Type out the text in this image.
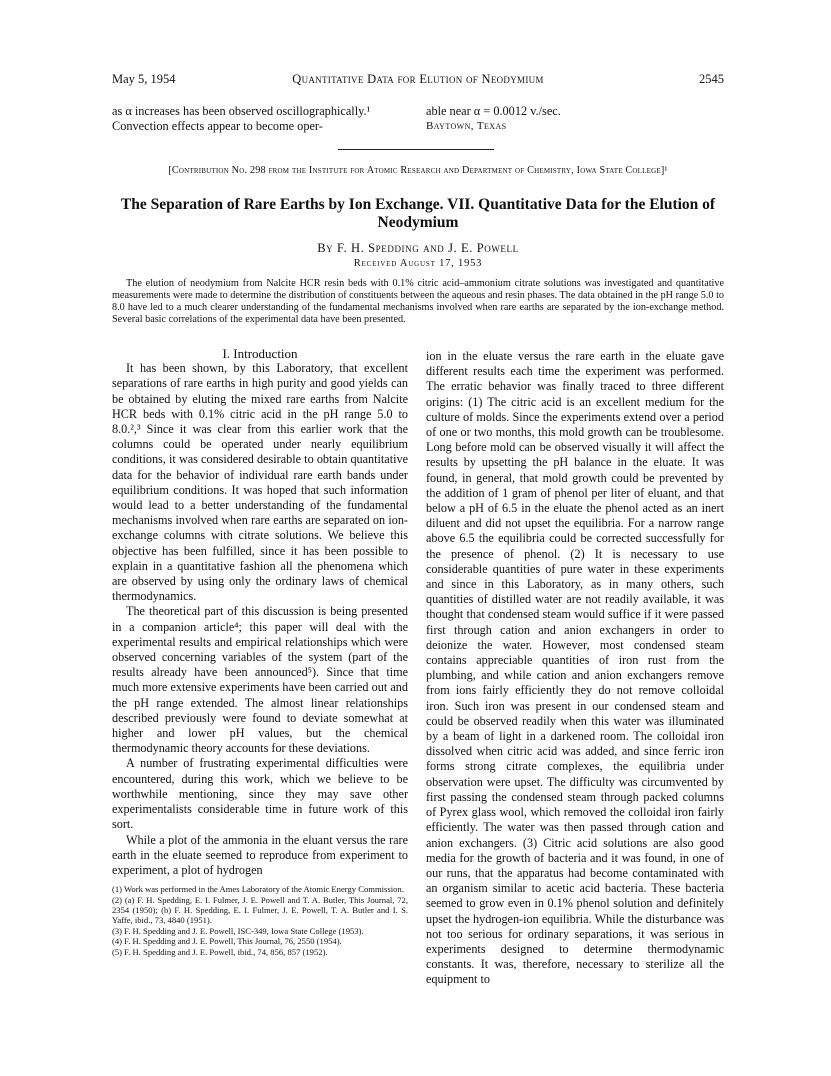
May 5, 1954	Quantitative Data for Elution of Neodymium	2545
as α increases has been observed oscillographically.¹ Convection effects appear to become oper-
able near α = 0.0012 v./sec.
Baytown, Texas
[Contribution No. 298 from the Institute for Atomic Research and Department of Chemistry, Iowa State College]¹
The Separation of Rare Earths by Ion Exchange. VII. Quantitative Data for the Elution of Neodymium
By F. H. Spedding and J. E. Powell
Received August 17, 1953
The elution of neodymium from Nalcite HCR resin beds with 0.1% citric acid–ammonium citrate solutions was investigated and quantitative measurements were made to determine the distribution of constituents between the aqueous and resin phases. The data obtained in the pH range 5.0 to 8.0 have led to a much clearer understanding of the fundamental mechanisms involved when rare earths are separated by the ion-exchange method. Several basic correlations of the experimental data have been presented.

I. Introduction

It has been shown, by this Laboratory, that excellent separations of rare earths in high purity and good yields can be obtained by eluting the mixed rare earths from Nalcite HCR beds with 0.1% citric acid in the pH range 5.0 to 8.0.²,³ Since it was clear from this earlier work that the columns could be operated under nearly equilibrium conditions, it was considered desirable to obtain quantitative data for the behavior of individual rare earth bands under equilibrium conditions. It was hoped that such information would lead to a better understanding of the fundamental mechanisms involved when rare earths are separated on ion-exchange columns with citrate solutions. We believe this objective has been fulfilled, since it has been possible to explain in a quantitative fashion all the phenomena which are observed by using only the ordinary laws of chemical thermodynamics.

The theoretical part of this discussion is being presented in a companion article⁴; this paper will deal with the experimental results and empirical relationships which were observed concerning variables of the system (part of the results already have been announced⁵). Since that time much more extensive experiments have been carried out and the pH range extended. The almost linear relationships described previously were found to deviate somewhat at higher and lower pH values, but the chemical thermodynamic theory accounts for these deviations.

A number of frustrating experimental difficulties were encountered, during this work, which we believe to be worthwhile mentioning, since they may save other experimentalists considerable time in future work of this sort.

While a plot of the ammonia in the eluant versus the rare earth in the eluate seemed to reproduce from experiment to experiment, a plot of hydrogen

(1) Work was performed in the Ames Laboratory of the Atomic Energy Commission.
(2) (a) F. H. Spedding, E. I. Fulmer, J. E. Powell and T. A. Butler, This Journal, 72, 2354 (1950); (b) F. H. Spedding, E. I. Fulmer, J. E. Powell, T. A. Butler and I. S. Yaffe, ibid., 73, 4840 (1951).
(3) F. H. Spedding and J. E. Powell, ISC-349, Iowa State College (1953).
(4) F. H. Spedding and J. E. Powell, This Journal, 76, 2550 (1954).
(5) F. H. Spedding and J. E. Powell, ibid., 74, 856, 857 (1952).

ion in the eluate versus the rare earth in the eluate gave different results each time the experiment was performed. The erratic behavior was finally traced to three different origins: (1) The citric acid is an excellent medium for the culture of molds. Since the experiments extend over a period of one or two months, this mold growth can be troublesome. Long before mold can be observed visually it will affect the results by upsetting the pH balance in the eluate. It was found, in general, that mold growth could be prevented by the addition of 1 gram of phenol per liter of eluant, and that below a pH of 6.5 in the eluate the phenol acted as an inert diluent and did not upset the equilibria. For a narrow range above 6.5 the equilibria could be corrected successfully for the presence of phenol. (2) It is necessary to use considerable quantities of pure water in these experiments and since in this Laboratory, as in many others, such quantities of distilled water are not readily available, it was thought that condensed steam would suffice if it were passed first through cation and anion exchangers in order to deionize the water. However, most condensed steam contains appreciable quantities of iron rust from the plumbing, and while cation and anion exchangers remove from ions fairly efficiently they do not remove colloidal iron. Such iron was present in our condensed steam and could be observed readily when this water was illuminated by a beam of light in a darkened room. The colloidal iron dissolved when citric acid was added, and since ferric iron forms strong citrate complexes, the equilibria under observation were upset. The difficulty was circumvented by first passing the condensed steam through packed columns of Pyrex glass wool, which removed the colloidal iron fairly efficiently. The water was then passed through cation and anion exchangers. (3) Citric acid solutions are also good media for the growth of bacteria and it was found, in one of our runs, that the apparatus had become contaminated with an organism similar to acetic acid bacteria. These bacteria seemed to grow even in 0.1% phenol solution and definitely upset the hydrogen-ion equilibria. While the disturbance was not too serious for ordinary separations, it was serious in experiments designed to determine thermodynamic constants. It was, therefore, necessary to sterilize all the equipment to
